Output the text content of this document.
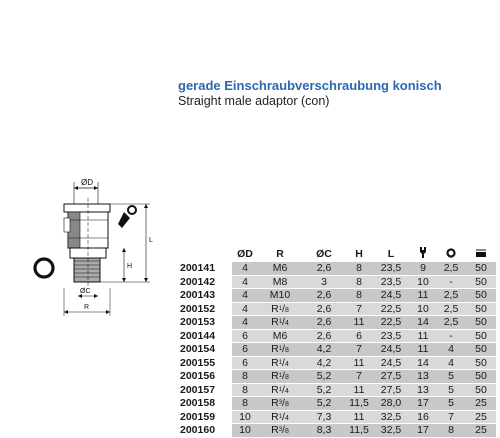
gerade Einschraubverschraubung konisch
Straight male adaptor (con)
ØD
H
L
ØC
R
	ØD	R	ØC	H	L			
200141	4	M6	2,6	8	23,5	9	2,5	50
200142	4	M8	3	8	23,5	10	-	50
200143	4	M10	2,6	8	24,5	11	2,5	50
200152	4	$R^1/^8$	2,6	7	22,5	10	2,5	50
200153	4	$R^1/^4$	2,6	11	22,5	14	2,5	50
200144	6	M6	2,6	6	23,5	11	-	50
200154	6	$R^1/^8$	4,2	7	24,5	11	4	50
200155	6	$R^1/^4$	4,2	11	24,5	14	4	50
200156	8	$R^1/^8$	5,2	7	27,5	13	5	50
200157	8	$R^1/^4$	5,2	11	27,5	13	5	50
200158	8	$R^3/^8$	5,2	11,5	28,0	17	5	25
200159	10	$R^1/^4$	7,3	11	32,5	16	7	25
200160	10	$R^3/^8$	8,3	11,5	32,5	17	8	25
